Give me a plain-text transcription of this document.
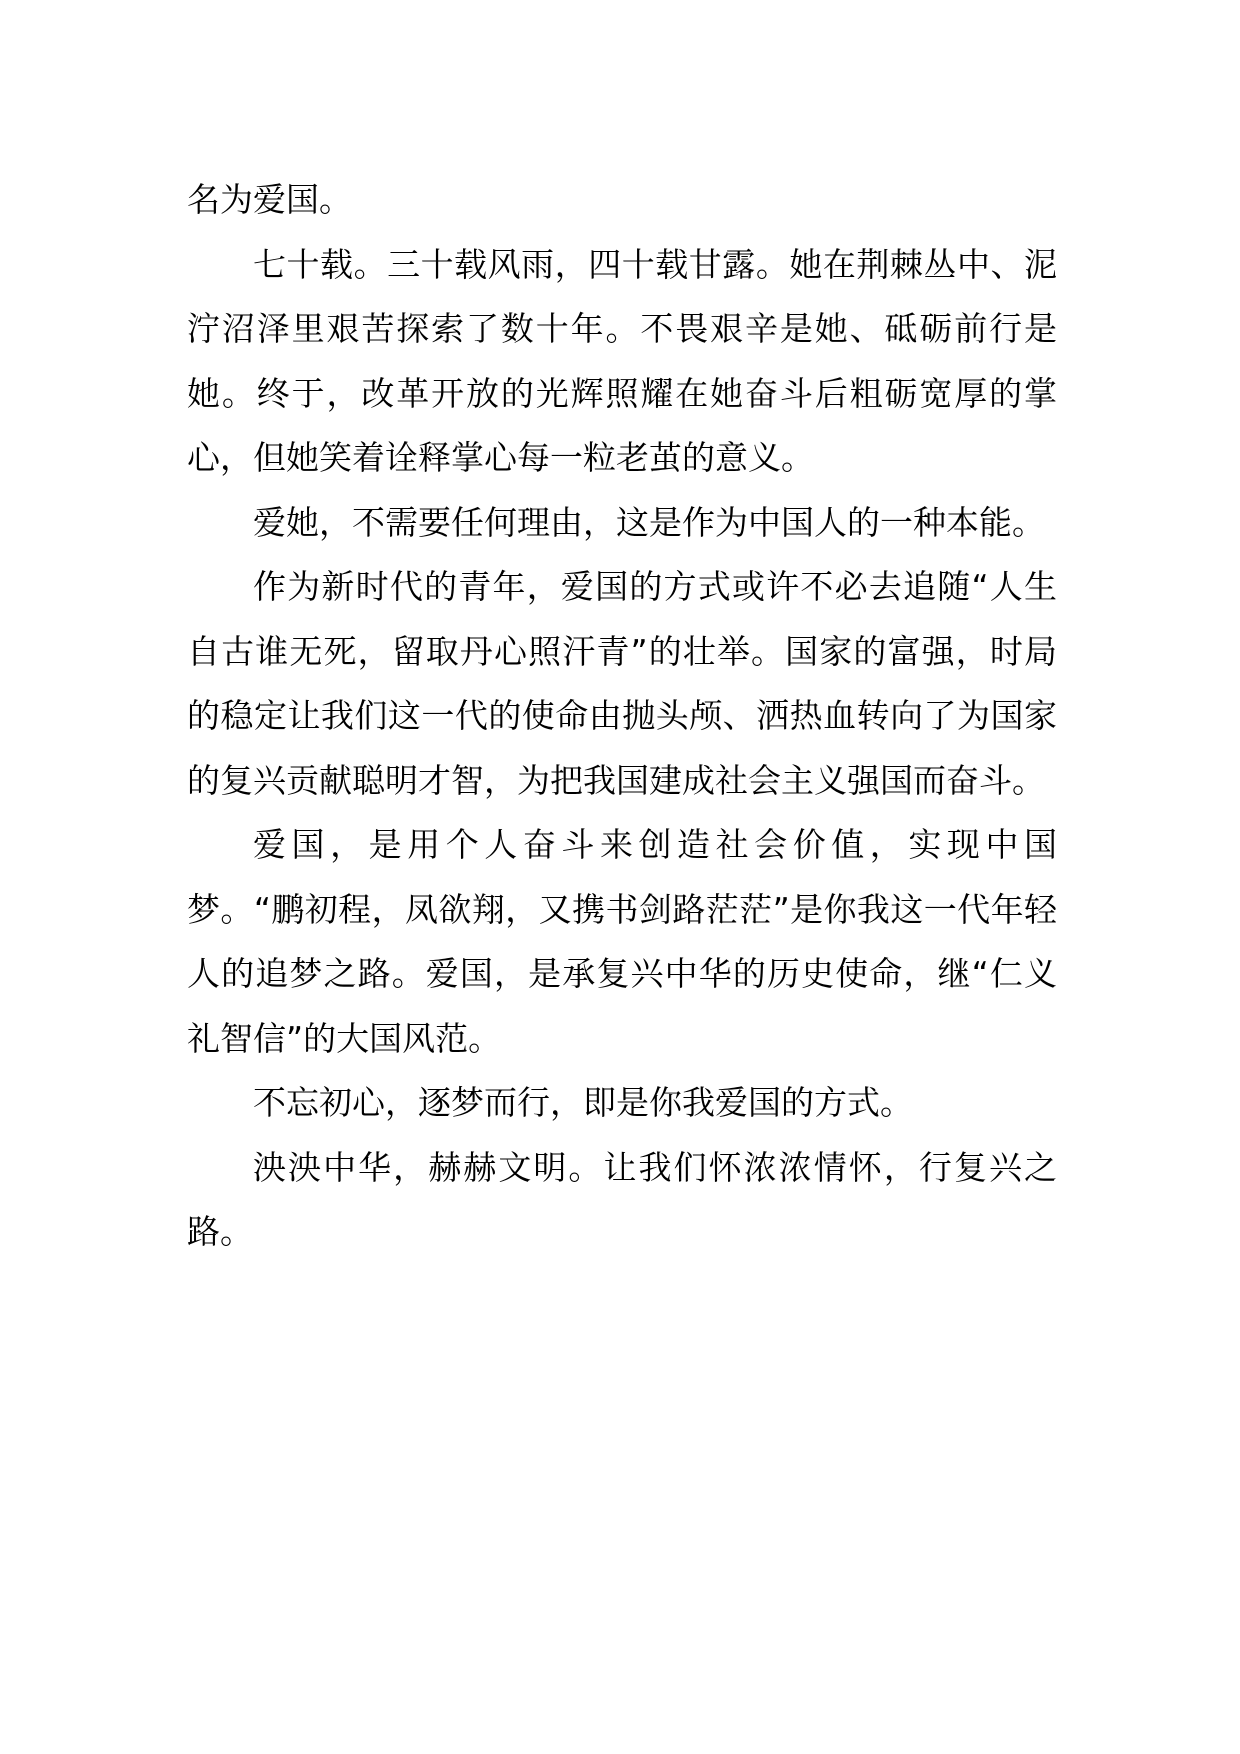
名为爱国。

七十载。三十载风雨，四十载甘露。她在荆棘丛中、泥泞沼泽里艰苦探索了数十年。不畏艰辛是她、砥砺前行是她。终于，改革开放的光辉照耀在她奋斗后粗砺宽厚的掌心，但她笑着诠释掌心每一粒老茧的意义。

爱她，不需要任何理由，这是作为中国人的一种本能。

作为新时代的青年，爱国的方式或许不必去追随“人生自古谁无死，留取丹心照汗青”的壮举。国家的富强，时局的稳定让我们这一代的使命由抛头颅、洒热血转向了为国家的复兴贡献聪明才智，为把我国建成社会主义强国而奋斗。

爱国，是用个人奋斗来创造社会价值，实现中国梦。“鹏初程，凤欲翔，又携书剑路茫茫”是你我这一代年轻人的追梦之路。爱国，是承复兴中华的历史使命，继“仁义礼智信”的大国风范。

不忘初心，逐梦而行，即是你我爱国的方式。

泱泱中华，赫赫文明。让我们怀浓浓情怀，行复兴之路。
